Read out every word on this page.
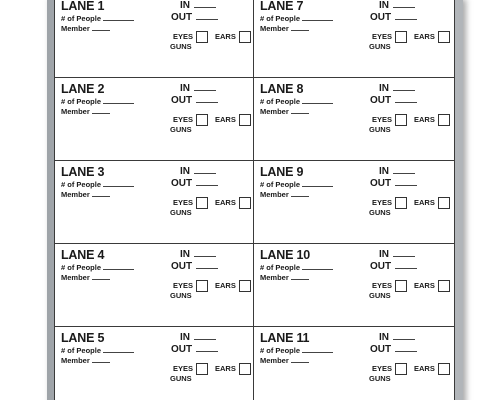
LANE 1
# of People
Member
IN
OUT
EYES	EARS
GUNS
LANE 7
# of People
Member
IN
OUT
EYES	EARS
GUNS
LANE 2
# of People
Member
IN
OUT
EYES	EARS
GUNS
LANE 8
# of People
Member
IN
OUT
EYES	EARS
GUNS
LANE 3
# of People
Member
IN
OUT
EYES	EARS
GUNS
LANE 9
# of People
Member
IN
OUT
EYES	EARS
GUNS
LANE 4
# of People
Member
IN
OUT
EYES	EARS
GUNS
LANE 10
# of People
Member
IN
OUT
EYES	EARS
GUNS
LANE 5
# of People
Member
IN
OUT
EYES	EARS
GUNS
LANE 11
# of People
Member
IN
OUT
EYES	EARS
GUNS
